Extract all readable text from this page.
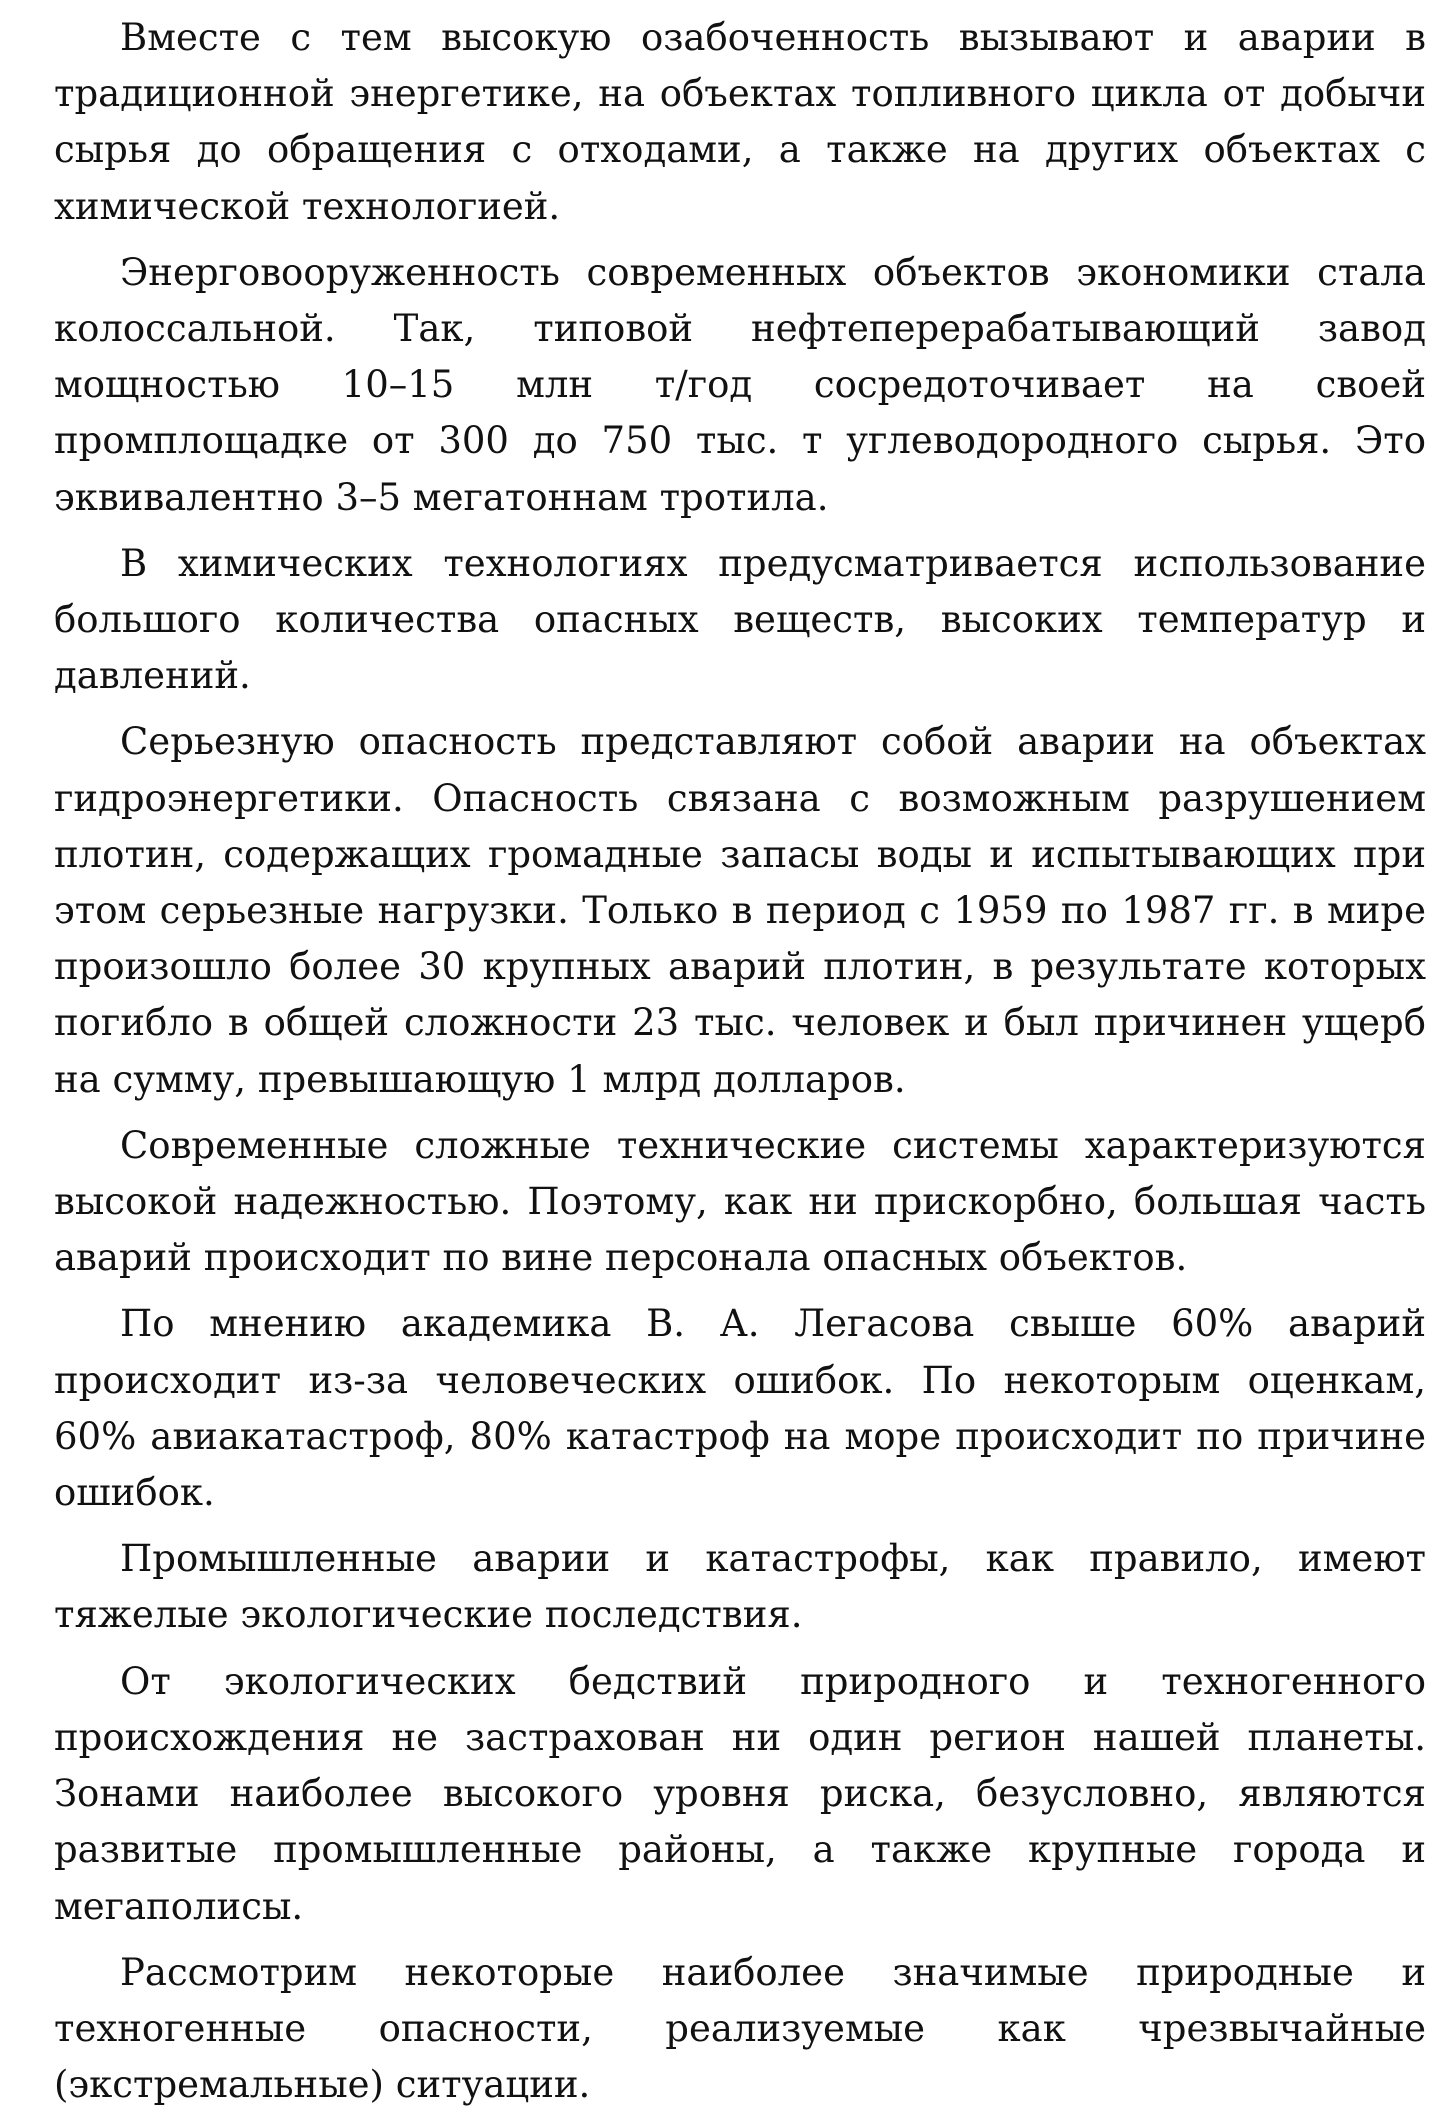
Вместе с тем высокую озабоченность вызывают и аварии в традиционной энергетике, на объектах топливного цикла от добычи сырья до обращения с отходами, а также на других объектах с химической технологией.

Энерговооруженность современных объектов экономики стала колоссальной. Так, типовой нефтеперерабатывающий завод мощностью 10–15 млн т/год сосредоточивает на своей промплощадке от 300 до 750 тыс. т углеводородного сырья. Это эквивалентно 3–5 мегатоннам тротила.

В химических технологиях предусматривается использование большого количества опасных веществ, высоких температур и давлений.

Серьезную опасность представляют собой аварии на объектах гидроэнергетики. Опасность связана с возможным разрушением плотин, содержащих громадные запасы воды и испытывающих при этом серьезные нагрузки. Только в период с 1959 по 1987 гг. в мире произошло более 30 крупных аварий плотин, в результате которых погибло в общей сложности 23 тыс. человек и был причинен ущерб на сумму, превышающую 1 млрд долларов.

Современные сложные технические системы характеризуются высокой надежностью. Поэтому, как ни прискорбно, большая часть аварий происходит по вине персонала опасных объектов.

По мнению академика В. А. Легасова свыше 60% аварий происходит из-за человеческих ошибок. По некоторым оценкам, 60% авиакатастроф, 80% катастроф на море происходит по причине ошибок.

Промышленные аварии и катастрофы, как правило, имеют тяжелые экологические последствия.

От экологических бедствий природного и техногенного происхождения не застрахован ни один регион нашей планеты. Зонами наиболее высокого уровня риска, безусловно, являются развитые промышленные районы, а также крупные города и мегаполисы.

Рассмотрим некоторые наиболее значимые природные и техногенные опасности, реализуемые как чрезвычайные (экстремальные) ситуации.
